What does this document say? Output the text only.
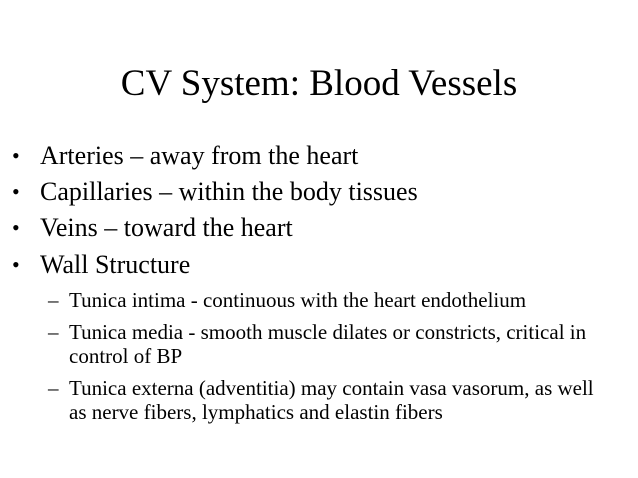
CV System: Blood Vessels
• Arteries – away from the heart
• Capillaries – within the body tissues
• Veins – toward the heart
• Wall Structure
– Tunica intima - continuous with the heart endothelium
– Tunica media - smooth muscle dilates or constricts, critical in control of BP
– Tunica externa (adventitia) may contain vasa vasorum, as well as nerve fibers, lymphatics and elastin fibers
